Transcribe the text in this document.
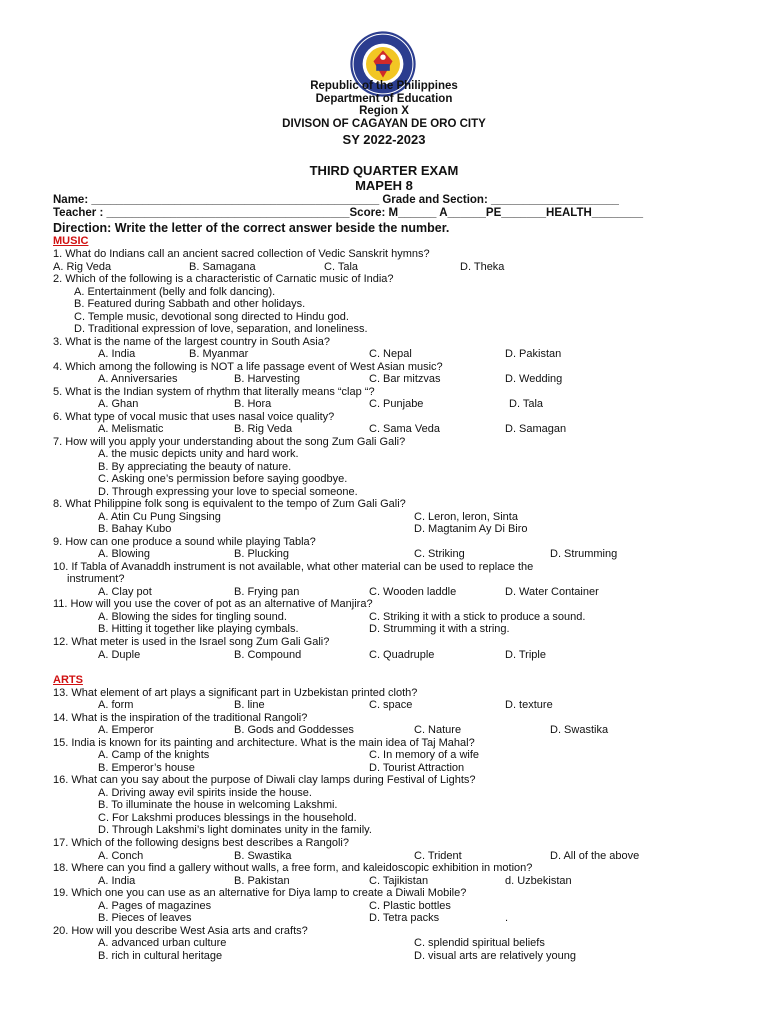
Republic of the Philippines
Department of Education
Region X
DIVISON OF CAGAYAN DE ORO CITY
SY 2022-2023
THIRD QUARTER EXAM
MAPEH 8
Name: _____________________________________________ Grade and Section: ____________________
Teacher : ______________________________________Score: M______ A______PE_______HEALTH________
Direction: Write the letter of the correct answer beside the number.
MUSIC
ARTS
1. What do Indians call an ancient sacred collection of Vedic Sanskrit hymns?
A. Rig Veda	B. Samagana	C. Tala	D. Theka
2. Which of the following is a characteristic of Carnatic music of India?
A. Entertainment (belly and folk dancing).
B. Featured during Sabbath and other holidays.
C. Temple music, devotional song directed to Hindu god.
D. Traditional expression of love, separation, and loneliness.
3. What is the name of the largest country in South Asia?
A. India	B. Myanmar	C. Nepal	D. Pakistan
4. Which among the following is NOT a life passage event of West Asian music?
A. Anniversaries	B. Harvesting	C. Bar mitzvas	D. Wedding
5. What is the Indian system of rhythm that literally means “clap “?
A. Ghan	B. Hora	C. Punjabe	D. Tala
6. What type of vocal music that uses nasal voice quality?
A. Melismatic	B. Rig Veda	C. Sama Veda	D. Samagan
7. How will you apply your understanding about the song Zum Gali Gali?
A. the music depicts unity and hard work.
B. By appreciating the beauty of nature.
C. Asking one’s permission before saying goodbye.
D. Through expressing your love to special someone.
8. What Philippine folk song is equivalent to the tempo of Zum Gali Gali?
A. Atin Cu Pung Singsing	C. Leron, leron, Sinta
B. Bahay Kubo	D. Magtanim Ay Di Biro
9. How can one produce a sound while playing Tabla?
A. Blowing	B. Plucking	C. Striking	D. Strumming
10. If Tabla of Avanaddh instrument is not available, what other material can be used to replace the
instrument?
A. Clay pot	B. Frying pan	C. Wooden laddle	D. Water Container
11. How will you use the cover of pot as an alternative of Manjira?
A. Blowing the sides for tingling sound.	C. Striking it with a stick to produce a sound.
B. Hitting it together like playing cymbals.	D. Strumming it with a string.
12. What meter is used in the Israel song Zum Gali Gali?
A. Duple	B. Compound	C. Quadruple	D. Triple
13. What element of art plays a significant part in Uzbekistan printed cloth?
A. form	B. line	C. space	D. texture
14. What is the inspiration of the traditional Rangoli?
A. Emperor	B. Gods and Goddesses	C. Nature	D. Swastika
15. India is known for its painting and architecture. What is the main idea of Taj Mahal?
A. Camp of the knights	C. In memory of a wife
B. Emperor’s house	D. Tourist Attraction
16. What can you say about the purpose of Diwali clay lamps during Festival of Lights?
A. Driving away evil spirits inside the house.
B. To illuminate the house in welcoming Lakshmi.
C. For Lakshmi produces blessings in the household.
D. Through Lakshmi’s light dominates unity in the family.
17. Which of the following designs best describes a Rangoli?
A. Conch	B. Swastika	C. Trident	D. All of the above
18. Where can you find a gallery without walls, a free form, and kaleidoscopic exhibition in motion?
A. India	B. Pakistan	C. Tajikistan	d. Uzbekistan
19. Which one you can use as an alternative for Diya lamp to create a Diwali Mobile?
A. Pages of magazines	C. Plastic bottles
B. Pieces of leaves	D. Tetra packs	.
20. How will you describe West Asia arts and crafts?
A. advanced urban culture	C. splendid spiritual beliefs
B. rich in cultural heritage	D. visual arts are relatively young
